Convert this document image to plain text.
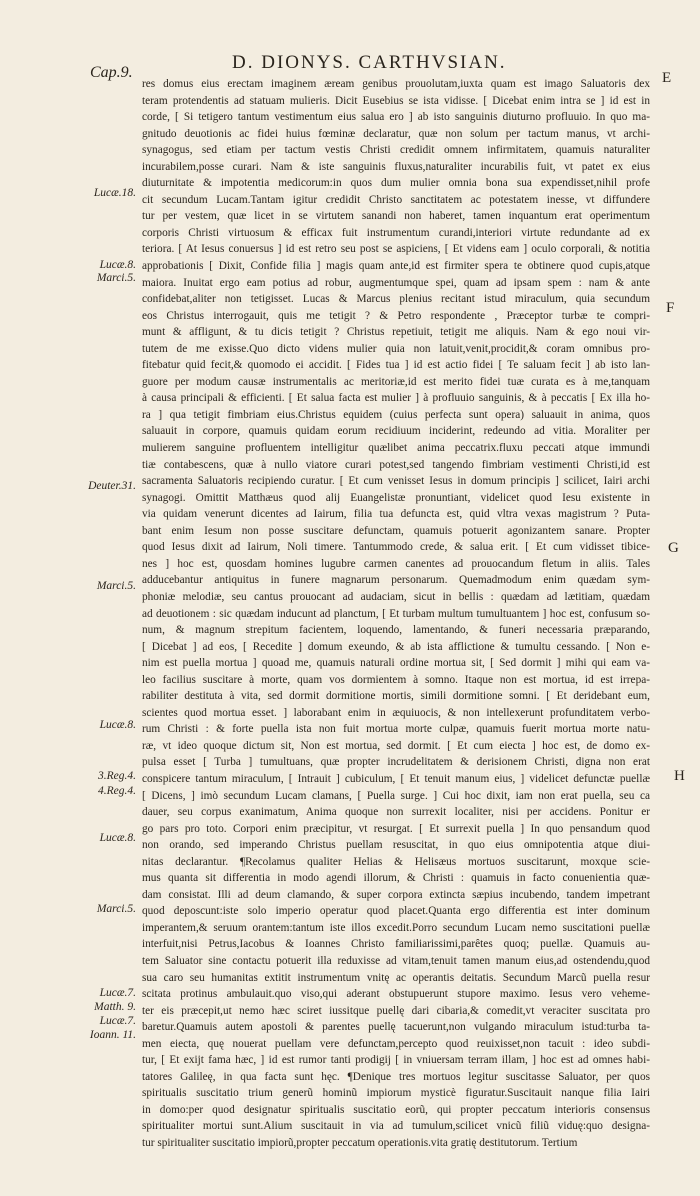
Cap.9.	D. DIONYS. CARTHVSIAN.
E
F
G
H
Lucæ.18.
Lucæ.8.
Marci.5.
Deuter.31.
Marci.5.
Lucæ.8.
3.Reg.4.
4.Reg.4.
Lucæ.8.
Marci.5.
Lucæ.7.
Matth. 9.
Lucæ.7.
Ioann. 11.
res domus eius erectam imaginem æream genibus prouolutam,iuxta quam est imago Saluatoris dex
teram protendentis ad statuam mulieris. Dicit Eusebius se ista vidisse. [ Dicebat enim intra se ] id est in
corde, [ Si tetigero tantum vestimentum eius salua ero ] ab isto sanguinis diuturno profluuio. In quo ma-
gnitudo deuotionis ac fidei huius fœminæ declaratur, quæ non solum per tactum manus, vt archi-
synagogus, sed etiam per tactum vestis Christi credidit omnem infirmitatem, quamuis naturaliter
incurabilem,posse curari. Nam & iste sanguinis fluxus,naturaliter incurabilis fuit, vt patet ex eius
diuturnitate & impotentia medicorum:in quos dum mulier omnia bona sua expendisset,nihil profe
cit secundum Lucam.Tantam igitur credidit Christo sanctitatem ac potestatem inesse, vt diffundere
tur per vestem, quæ licet in se virtutem sanandi non haberet, tamen inquantum erat operimentum
corporis Christi virtuosum & efficax fuit instrumentum curandi,interiori virtute redundante ad ex
teriora. [ At Iesus conuersus ] id est retro seu post se aspiciens, [ Et videns eam ] oculo corporali, & notitia
approbationis [ Dixit, Confide filia ] magis quam ante,id est firmiter spera te obtinere quod cupis,atque
maiora. Inuitat ergo eam potius ad robur, augmentumque spei, quam ad ipsam spem : nam & ante
confidebat,aliter non tetigisset. Lucas & Marcus plenius recitant istud miraculum, quia secundum
eos Christus interrogauit, quis me tetigit ? & Petro respondente , Præceptor turbæ te compri-
munt & affligunt, & tu dicis tetigit ? Christus repetiuit, tetigit me aliquis. Nam & ego noui vir-
tutem de me exisse.Quo dicto videns mulier quia non latuit,venit,procidit,& coram omnibus pro-
fitebatur quid fecit,& quomodo ei accidit. [ Fides tua ] id est actio fidei [ Te saluam fecit ] ab isto lan-
guore per modum causæ instrumentalis ac meritoriæ,id est merito fidei tuæ curata es à me,tanquam
à causa principali & efficienti. [ Et salua facta est mulier ] à profluuio sanguinis, & à peccatis [ Ex illa ho-
ra ] qua tetigit fimbriam eius.Christus equidem (cuius perfecta sunt opera) saluauit in anima, quos
saluauit in corpore, quamuis quidam eorum recidiuum inciderint, redeundo ad vitia. Moraliter per
mulierem sanguine profluentem intelligitur quælibet anima peccatrix.fluxu peccati atque immundi
tiæ contabescens, quæ à nullo viatore curari potest,sed tangendo fimbriam vestimenti Christi,id est
sacramenta Saluatoris recipiendo curatur. [ Et cum venisset Iesus in domum principis ] scilicet, Iairi archi
synagogi. Omittit Matthæus quod alij Euangelistæ pronuntiant, videlicet quod Iesu existente in
via quidam venerunt dicentes ad Iairum, filia tua defuncta est, quid vltra vexas magistrum ? Puta-
bant enim Iesum non posse suscitare defunctam, quamuis potuerit agonizantem sanare. Propter
quod Iesus dixit ad Iairum, Noli timere. Tantummodo crede, & salua erit. [ Et cum vidisset tibice-
nes ] hoc est, quosdam homines lugubre carmen canentes ad prouocandum fletum in aliis. Tales
adducebantur antiquitus in funere magnarum personarum. Quemadmodum enim quædam sym-
phoniæ melodiæ, seu cantus prouocant ad audaciam, sicut in bellis : quædam ad lætitiam, quædam
ad deuotionem : sic quædam inducunt ad planctum, [ Et turbam multum tumultuantem ] hoc est, confusum so-
num, & magnum strepitum facientem, loquendo, lamentando, & funeri necessaria præparando,
[ Dicebat ] ad eos, [ Recedite ] domum exeundo, & ab ista afflictione & tumultu cessando. [ Non e-
nim est puella mortua ] quoad me, quamuis naturali ordine mortua sit, [ Sed dormit ] mihi qui eam va-
leo facilius suscitare à morte, quam vos dormientem à somno. Itaque non est mortua, id est irrepa-
rabiliter destituta à vita, sed dormit dormitione mortis, simili dormitione somni. [ Et deridebant eum,
scientes quod mortua esset. ] laborabant enim in æquiuocis, & non intellexerunt profunditatem verbo-
rum Christi : & forte puella ista non fuit mortua morte culpæ, quamuis fuerit mortua morte natu-
ræ, vt ideo quoque dictum sit, Non est mortua, sed dormit. [ Et cum eiecta ] hoc est, de domo ex-
pulsa esset [ Turba ] tumultuans, quæ propter incrudelitatem & derisionem Christi, digna non erat
conspicere tantum miraculum, [ Intrauit ] cubiculum, [ Et tenuit manum eius, ] videlicet defunctæ puellæ
[ Dicens, ] imò secundum Lucam clamans, [ Puella surge. ] Cui hoc dixit, iam non erat puella, seu ca
dauer, seu corpus exanimatum, Anima quoque non surrexit localiter, nisi per accidens. Ponitur er
go pars pro toto. Corpori enim præcipitur, vt resurgat. [ Et surrexit puella ] In quo pensandum quod
non orando, sed imperando Christus puellam resuscitat, in quo eius omnipotentia atque diui-
nitas declarantur. ¶Recolamus qualiter Helias & Helisæus mortuos suscitarunt, moxque scie-
mus quanta sit differentia in modo agendi illorum, & Christi : quamuis in facto conuenientia quæ-
dam consistat. Illi ad deum clamando, & super corpora extincta sæpius incubendo, tandem impetrant
quod deposcunt:iste solo imperio operatur quod placet.Quanta ergo differentia est inter dominum
imperantem,& seruum orantem:tantum iste illos excedit.Porro secundum Lucam nemo suscitationi puellæ
interfuit,nisi Petrus,Iacobus & Ioannes Christo familiarissimi,parêtes quoq; puellæ. Quamuis au-
tem Saluator sine contactu potuerit illa reduxisse ad vitam,tenuit tamen manum eius,ad ostendendu,quod
sua caro seu humanitas extitit instrumentum vnitę ac operantis deitatis. Secundum Marcũ puella resur
scitata protinus ambulauit.quo viso,qui aderant obstupuerunt stupore maximo. Iesus vero veheme-
ter eis præcepit,ut nemo hæc sciret iussitque puellę dari cibaria,& comedit,vt veraciter suscitata pro
baretur.Quamuis autem apostoli & parentes puellę tacuerunt,non vulgando miraculum istud:turba ta-
men eiecta, quę nouerat puellam vere defunctam,percepto quod reuixisset,non tacuit : ideo subdi-
tur, [ Et exijt fama hæc, ] id est rumor tanti prodigij [ in vniuersam terram illam, ] hoc est ad omnes habi-
tatores Galileę, in qua facta sunt hęc. ¶Denique tres mortuos legitur suscitasse Saluator, per quos
spiritualis suscitatio trium generũ hominũ impiorum mysticè figuratur.Suscitauit nanque filia Iairi
in domo:per quod designatur spiritualis suscitatio eorũ, qui propter peccatum interioris consensus
spiritualiter mortui sunt.Alium suscitauit in via ad tumulum,scilicet vnicũ filiũ viduę:quo designa-
tur spiritualiter suscitatio impiorũ,propter peccatum operationis.vita gratię destitutorum. Tertium
